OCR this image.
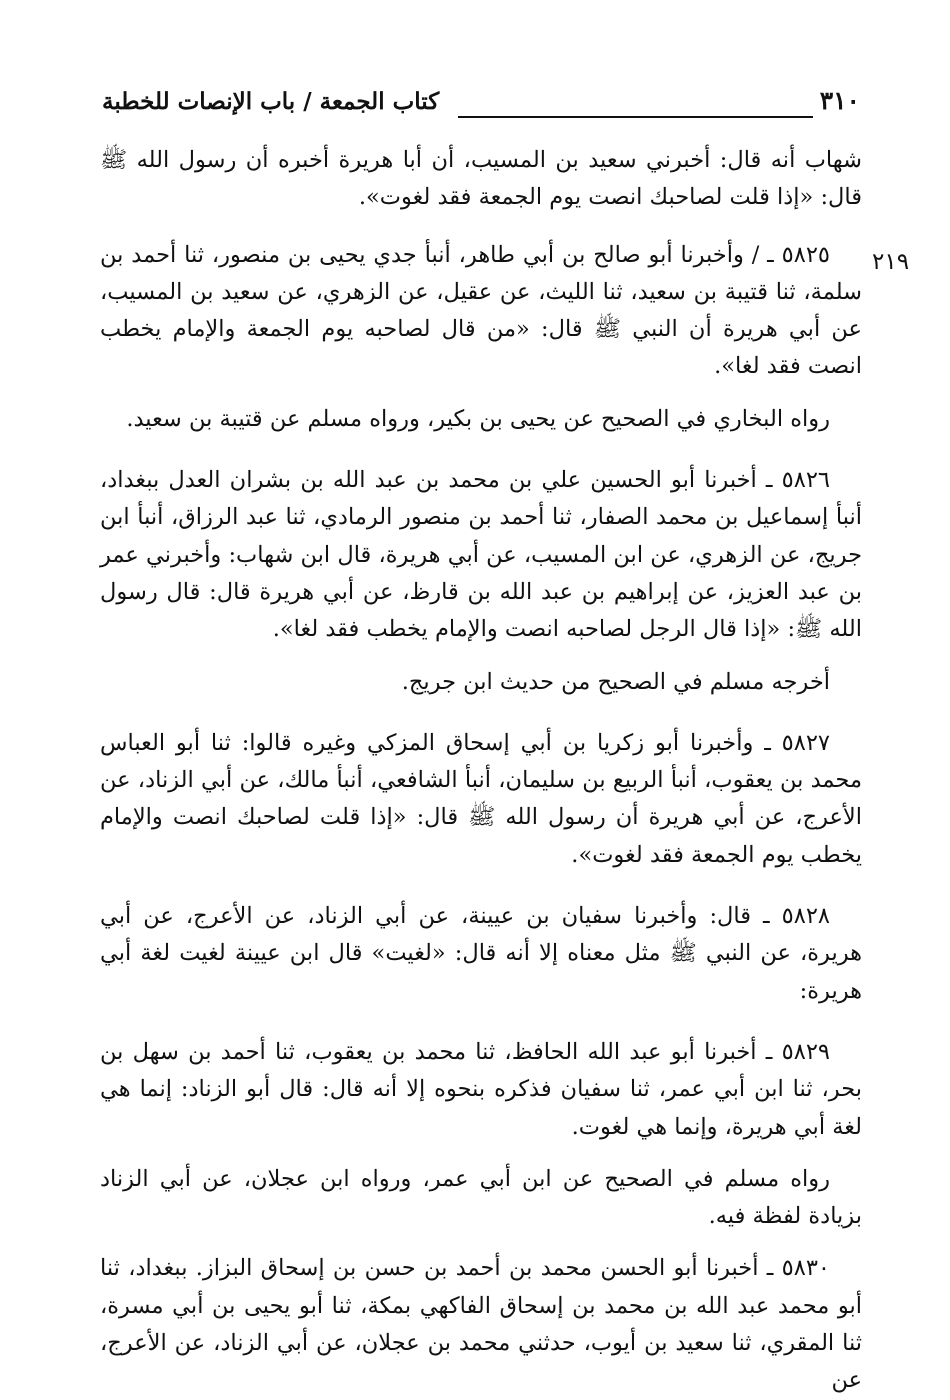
٣١٠
كتاب الجمعة / باب الإنصات للخطبة
٢١٩

شهاب أنه قال: أخبرني سعيد بن المسيب، أن أبا هريرة أخبره أن رسول الله ﷺ قال: «إذا قلت لصاحبك انصت يوم الجمعة فقد لغوت».

٥٨٢٥ ـ / وأخبرنا أبو صالح بن أبي طاهر، أنبأ جدي يحيى بن منصور، ثنا أحمد بن سلمة، ثنا قتيبة بن سعيد، ثنا الليث، عن عقيل، عن الزهري، عن سعيد بن المسيب، عن أبي هريرة أن النبي ﷺ قال: «من قال لصاحبه يوم الجمعة والإمام يخطب انصت فقد لغا».

رواه البخاري في الصحيح عن يحيى بن بكير، ورواه مسلم عن قتيبة بن سعيد.

٥٨٢٦ ـ أخبرنا أبو الحسين علي بن محمد بن عبد الله بن بشران العدل ببغداد، أنبأ إسماعيل بن محمد الصفار، ثنا أحمد بن منصور الرمادي، ثنا عبد الرزاق، أنبأ ابن جريج، عن الزهري، عن ابن المسيب، عن أبي هريرة، قال ابن شهاب: وأخبرني عمر بن عبد العزيز، عن إبراهيم بن عبد الله بن قارظ، عن أبي هريرة قال: قال رسول الله ﷺ: «إذا قال الرجل لصاحبه انصت والإمام يخطب فقد لغا».

أخرجه مسلم في الصحيح من حديث ابن جريج.

٥٨٢٧ ـ وأخبرنا أبو زكريا بن أبي إسحاق المزكي وغيره قالوا: ثنا أبو العباس محمد بن يعقوب، أنبأ الربيع بن سليمان، أنبأ الشافعي، أنبأ مالك، عن أبي الزناد، عن الأعرج، عن أبي هريرة أن رسول الله ﷺ قال: «إذا قلت لصاحبك انصت والإمام يخطب يوم الجمعة فقد لغوت».

٥٨٢٨ ـ قال: وأخبرنا سفيان بن عيينة، عن أبي الزناد، عن الأعرج، عن أبي هريرة، عن النبي ﷺ مثل معناه إلا أنه قال: «لغيت» قال ابن عيينة لغيت لغة أبي هريرة:

٥٨٢٩ ـ أخبرنا أبو عبد الله الحافظ، ثنا محمد بن يعقوب، ثنا أحمد بن سهل بن بحر، ثنا ابن أبي عمر، ثنا سفيان فذكره بنحوه إلا أنه قال: قال أبو الزناد: إنما هي لغة أبي هريرة، وإنما هي لغوت.

رواه مسلم في الصحيح عن ابن أبي عمر، ورواه ابن عجلان، عن أبي الزناد بزيادة لفظة فيه.

٥٨٣٠ ـ أخبرنا أبو الحسن محمد بن أحمد بن حسن بن إسحاق البزاز. ببغداد، ثنا أبو محمد عبد الله بن محمد بن إسحاق الفاكهي بمكة، ثنا أبو يحيى بن أبي مسرة، ثنا المقري، ثنا سعيد بن أيوب، حدثني محمد بن عجلان، عن أبي الزناد، عن الأعرج، عن
